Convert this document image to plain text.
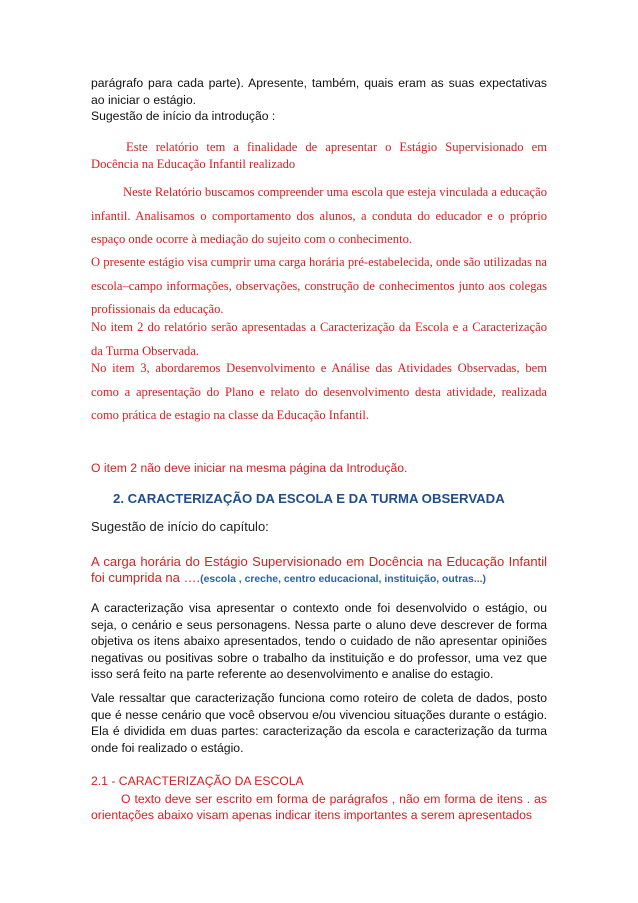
parágrafo para cada parte). Apresente, também, quais eram as suas expectativas ao iniciar o estágio.

Sugestão de início da introdução :

Este relatório tem a finalidade de apresentar o Estágio Supervisionado em Docência na Educação Infantil realizado

Neste Relatório buscamos compreender uma escola que esteja vinculada a educação infantil. Analisamos o comportamento dos alunos, a conduta do educador e o próprio espaço onde ocorre à mediação do sujeito com o conhecimento.

O presente estágio visa cumprir uma carga horária pré-estabelecida, onde são utilizadas na escola–campo informações, observações, construção de conhecimentos junto aos colegas profissionais da educação.

No item 2 do relatório serão apresentadas a Caracterização da Escola e a Caracterização da Turma Observada.

No item 3, abordaremos Desenvolvimento e Análise das Atividades Observadas, bem como a apresentação do Plano e relato do desenvolvimento desta atividade, realizada como prática de estagio na classe da Educação Infantil.

O item 2 não deve iniciar na mesma página da Introdução.

2. CARACTERIZAÇÃO DA ESCOLA E DA TURMA OBSERVADA

Sugestão de início do capítulo:

A carga horária do Estágio Supervisionado em Docência na Educação Infantil foi cumprida na ….(escola , creche, centro educacional, instituição, outras...)

A caracterização visa apresentar o contexto onde foi desenvolvido o estágio, ou seja, o cenário e seus personagens. Nessa parte o aluno deve descrever de forma objetiva os itens abaixo apresentados, tendo o cuidado de não apresentar opiniões negativas ou positivas sobre o trabalho da instituição e do professor, uma vez que isso será feito na parte referente ao desenvolvimento e analise do estagio.

Vale ressaltar que caracterização funciona como roteiro de coleta de dados, posto que é nesse cenário que você observou e/ou vivenciou situações durante o estágio. Ela é dividida em duas partes: caracterização da escola e caracterização da turma onde foi realizado o estágio.

2.1 - CARACTERIZAÇÃO DA ESCOLA

O texto deve ser escrito em forma de parágrafos , não em forma de itens . as orientações abaixo visam apenas indicar itens importantes a serem apresentados
